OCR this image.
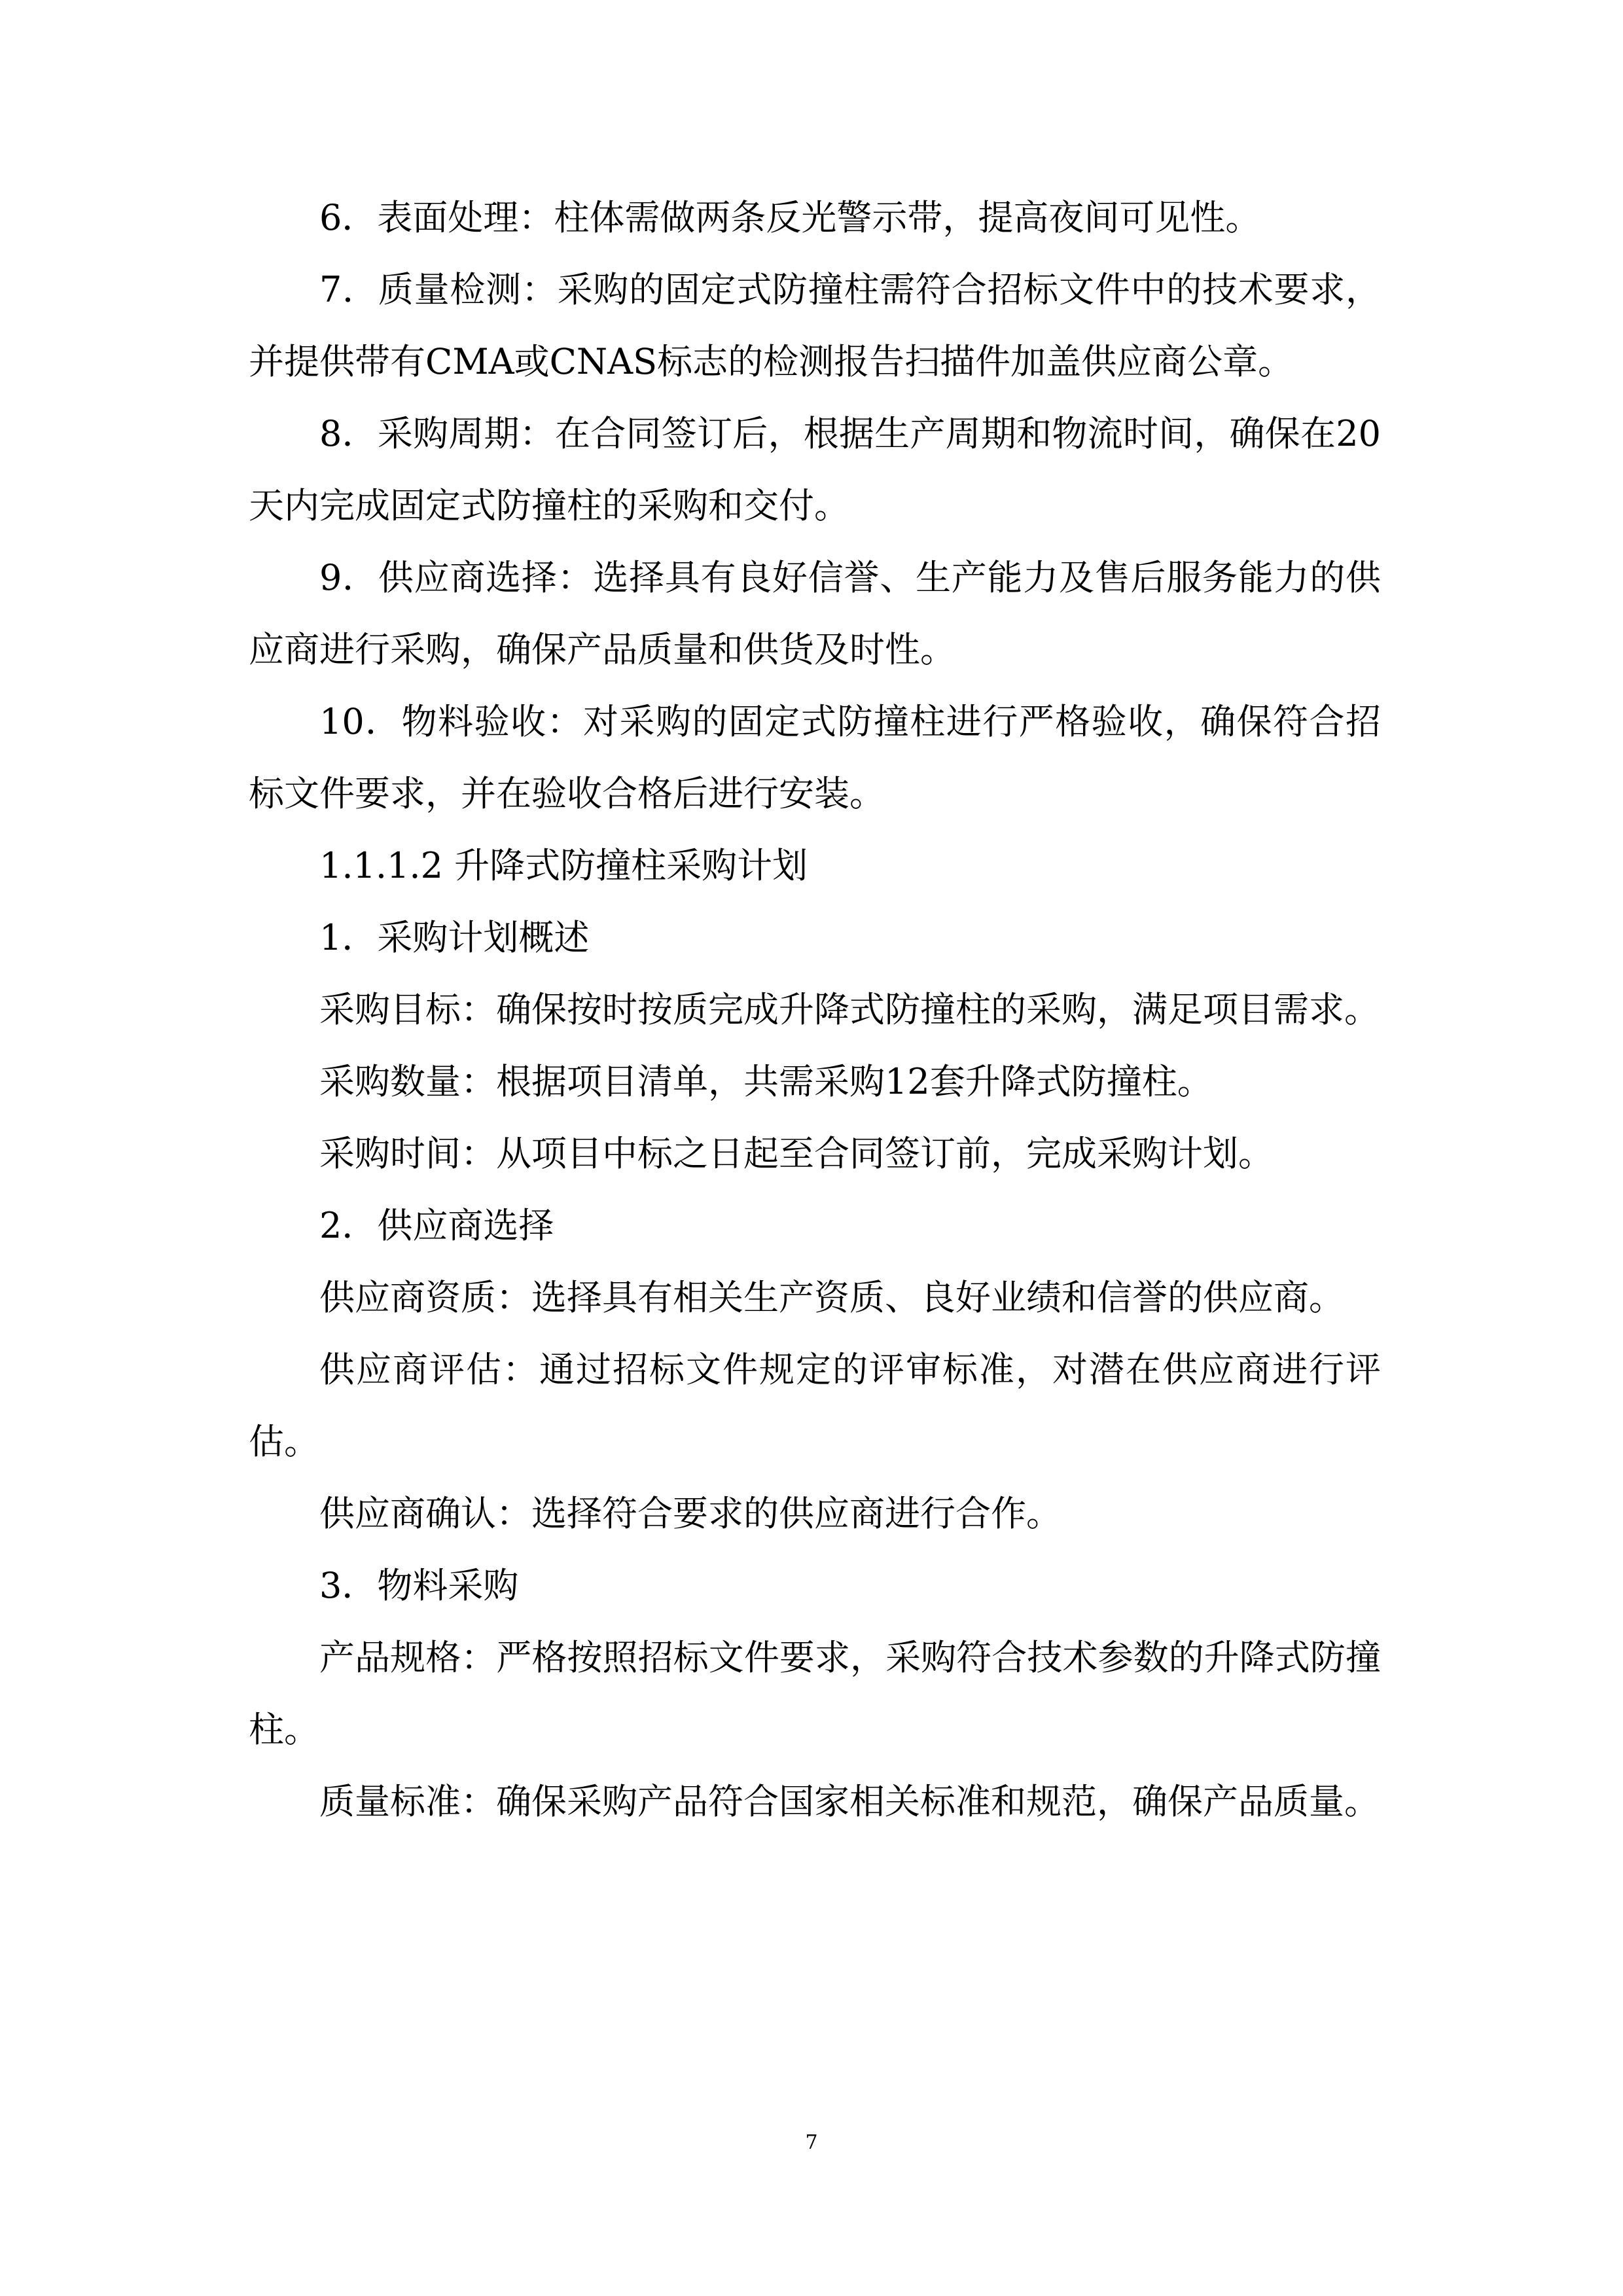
6．表面处理：柱体需做两条反光警示带，提高夜间可见性。

7．质量检测：采购的固定式防撞柱需符合招标文件中的技术要求，并提供带有CMA或CNAS标志的检测报告扫描件加盖供应商公章。

8．采购周期：在合同签订后，根据生产周期和物流时间，确保在20天内完成固定式防撞柱的采购和交付。

9．供应商选择：选择具有良好信誉、生产能力及售后服务能力的供应商进行采购，确保产品质量和供货及时性。

10．物料验收：对采购的固定式防撞柱进行严格验收，确保符合招标文件要求，并在验收合格后进行安装。

1.1.1.2 升降式防撞柱采购计划

1．采购计划概述

采购目标：确保按时按质完成升降式防撞柱的采购，满足项目需求。

采购数量：根据项目清单，共需采购12套升降式防撞柱。

采购时间：从项目中标之日起至合同签订前，完成采购计划。

2．供应商选择

供应商资质：选择具有相关生产资质、良好业绩和信誉的供应商。

供应商评估：通过招标文件规定的评审标准，对潜在供应商进行评估。

供应商确认：选择符合要求的供应商进行合作。

3．物料采购

产品规格：严格按照招标文件要求，采购符合技术参数的升降式防撞柱。

质量标准：确保采购产品符合国家相关标准和规范，确保产品质量。

7
